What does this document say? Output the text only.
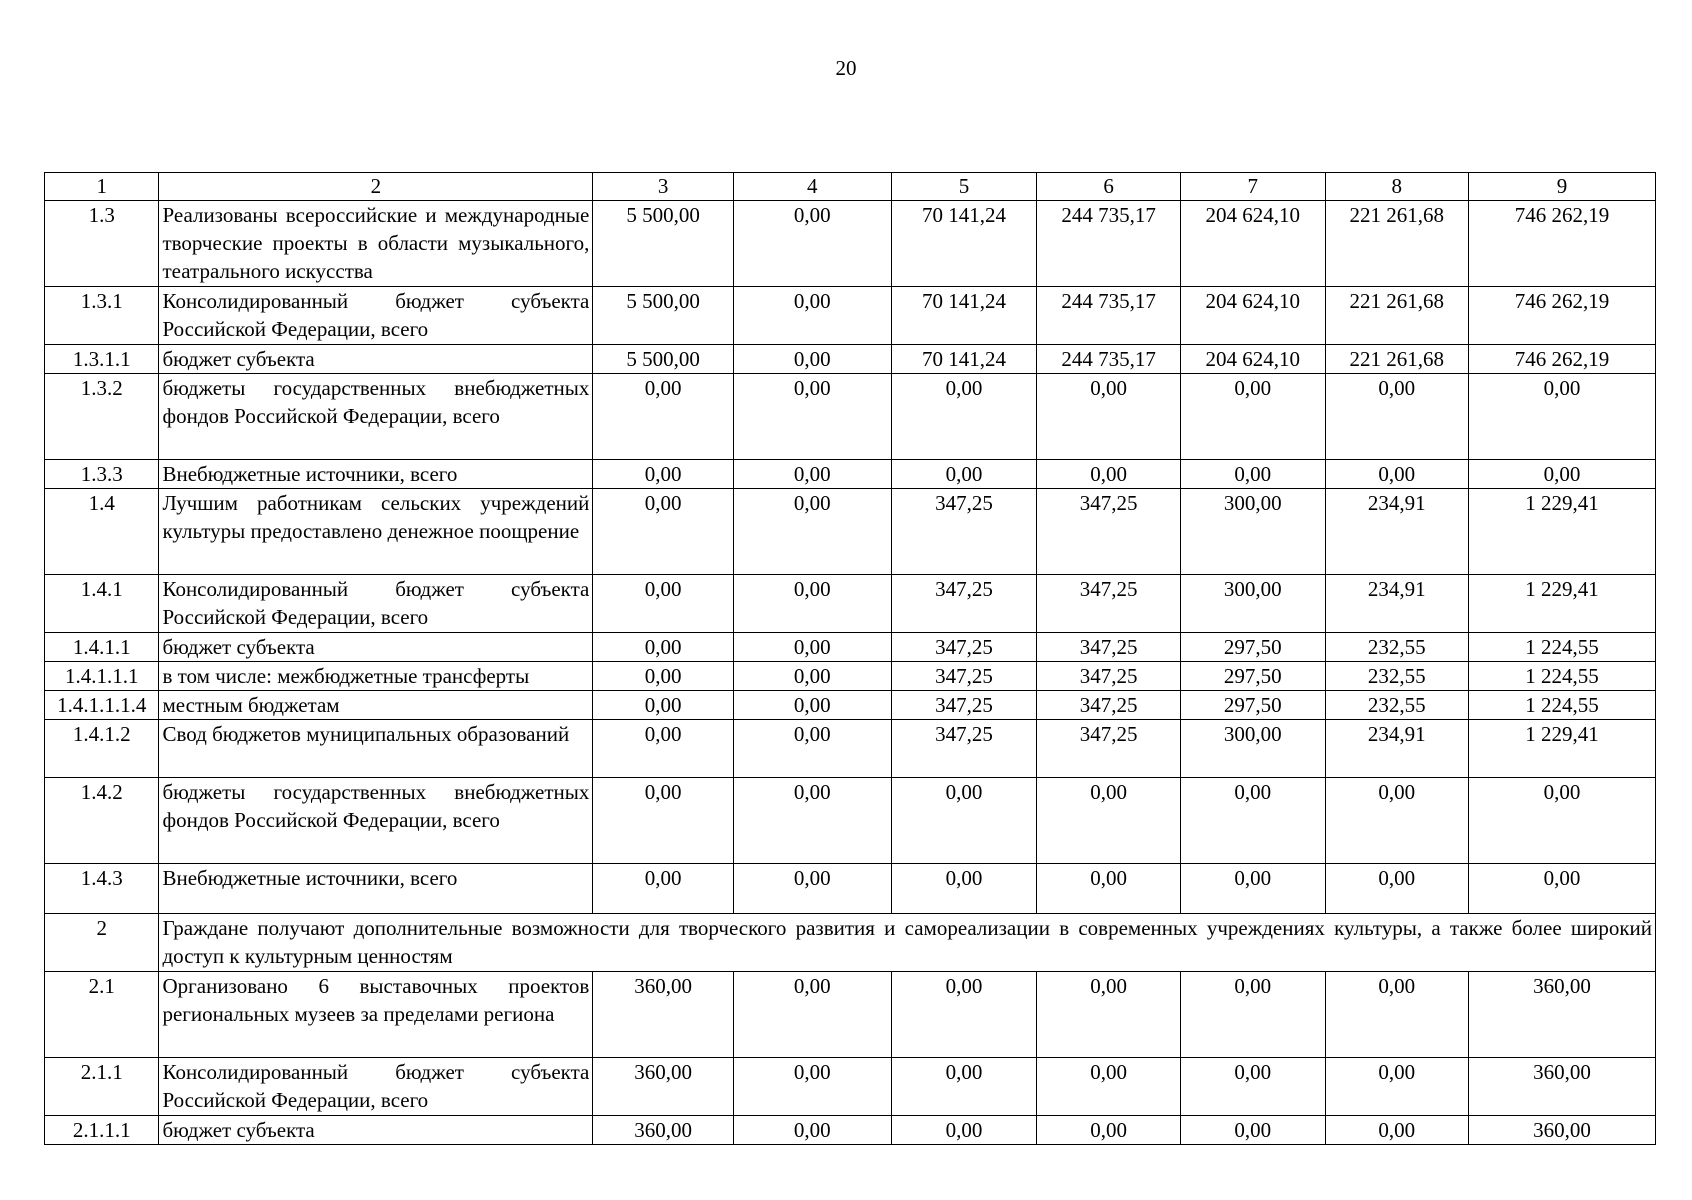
20
1	2	3	4	5	6	7	8	9
1.3	Реализованы всероссийские и международные творческие проекты в области музыкального, театрального искусства	5 500,00	0,00	70 141,24	244 735,17	204 624,10	221 261,68	746 262,19
1.3.1	Консолидированный бюджет субъекта Российской Федерации, всего	5 500,00	0,00	70 141,24	244 735,17	204 624,10	221 261,68	746 262,19
1.3.1.1	бюджет субъекта	5 500,00	0,00	70 141,24	244 735,17	204 624,10	221 261,68	746 262,19
1.3.2	бюджеты государственных внебюджетных фондов Российской Федерации, всего	0,00	0,00	0,00	0,00	0,00	0,00	0,00
1.3.3	Внебюджетные источники, всего	0,00	0,00	0,00	0,00	0,00	0,00	0,00
1.4	Лучшим работникам сельских учреждений культуры предоставлено денежное поощрение	0,00	0,00	347,25	347,25	300,00	234,91	1 229,41
1.4.1	Консолидированный бюджет субъекта Российской Федерации, всего	0,00	0,00	347,25	347,25	300,00	234,91	1 229,41
1.4.1.1	бюджет субъекта	0,00	0,00	347,25	347,25	297,50	232,55	1 224,55
1.4.1.1.1	в том числе: межбюджетные трансферты	0,00	0,00	347,25	347,25	297,50	232,55	1 224,55
1.4.1.1.1.4	местным бюджетам	0,00	0,00	347,25	347,25	297,50	232,55	1 224,55
1.4.1.2	Свод бюджетов муниципальных образований	0,00	0,00	347,25	347,25	300,00	234,91	1 229,41
1.4.2	бюджеты государственных внебюджетных фондов Российской Федерации, всего	0,00	0,00	0,00	0,00	0,00	0,00	0,00
1.4.3	Внебюджетные источники, всего	0,00	0,00	0,00	0,00	0,00	0,00	0,00
2	Граждане получают дополнительные возможности для творческого развития и самореализации в современных учреждениях культуры, а также более широкий доступ к культурным ценностям							
2.1	Организовано 6 выставочных проектов региональных музеев за пределами региона	360,00	0,00	0,00	0,00	0,00	0,00	360,00
2.1.1	Консолидированный бюджет субъекта Российской Федерации, всего	360,00	0,00	0,00	0,00	0,00	0,00	360,00
2.1.1.1	бюджет субъекта	360,00	0,00	0,00	0,00	0,00	0,00	360,00
